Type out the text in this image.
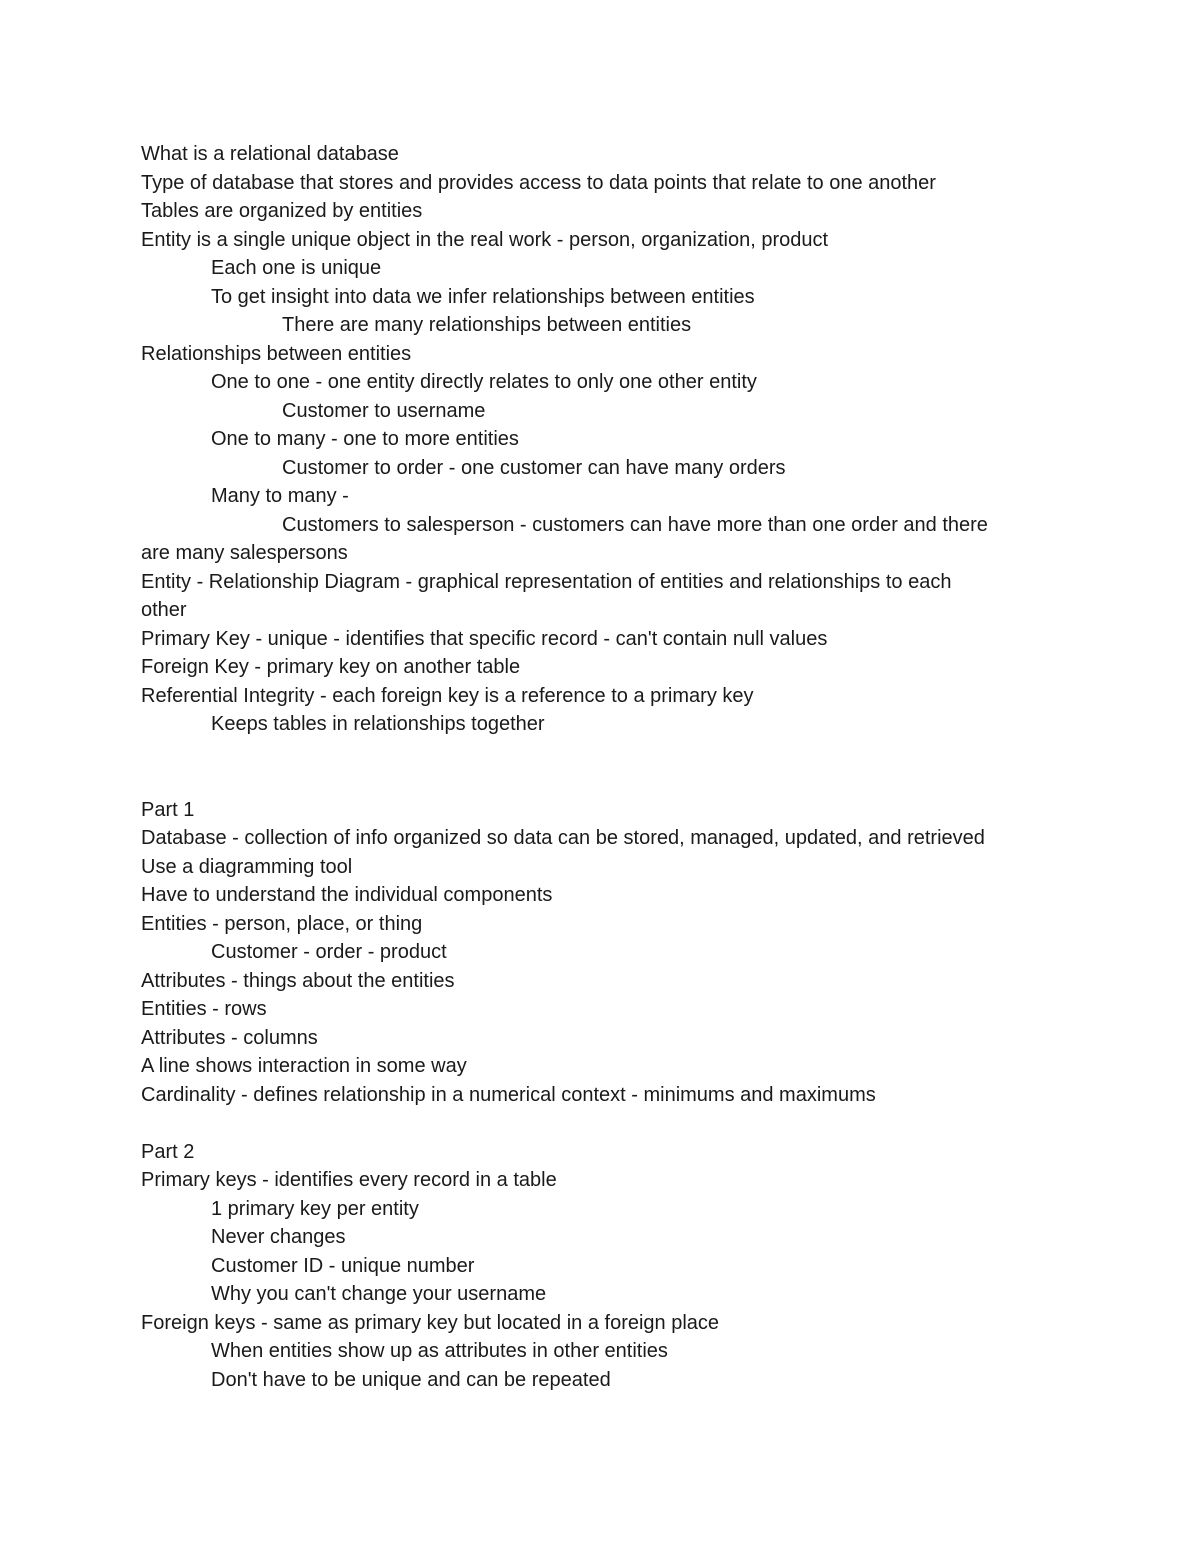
What is a relational database
Type of database that stores and provides access to data points that relate to one another
Tables are organized by entities
Entity is a single unique object in the real work - person, organization, product
Each one is unique
To get insight into data we infer relationships between entities
There are many relationships between entities
Relationships between entities
One to one - one entity directly relates to only one other entity
Customer to username
One to many - one to more entities
Customer to order - one customer can have many orders
Many to many -
Customers to salesperson - customers can have more than one order and there
are many salespersons
Entity - Relationship Diagram - graphical representation of entities and relationships to each
other
Primary Key - unique - identifies that specific record - can't contain null values
Foreign Key - primary key on another table
Referential Integrity - each foreign key is a reference to a primary key
Keeps tables in relationships together
Part 1
Database - collection of info organized so data can be stored, managed, updated, and retrieved
Use a diagramming tool
Have to understand the individual components
Entities - person, place, or thing
Customer - order - product
Attributes - things about the entities
Entities - rows
Attributes - columns
A line shows interaction in some way
Cardinality - defines relationship in a numerical context - minimums and maximums
Part 2
Primary keys - identifies every record in a table
1 primary key per entity
Never changes
Customer ID - unique number
Why you can't change your username
Foreign keys - same as primary key but located in a foreign place
When entities show up as attributes in other entities
Don't have to be unique and can be repeated
